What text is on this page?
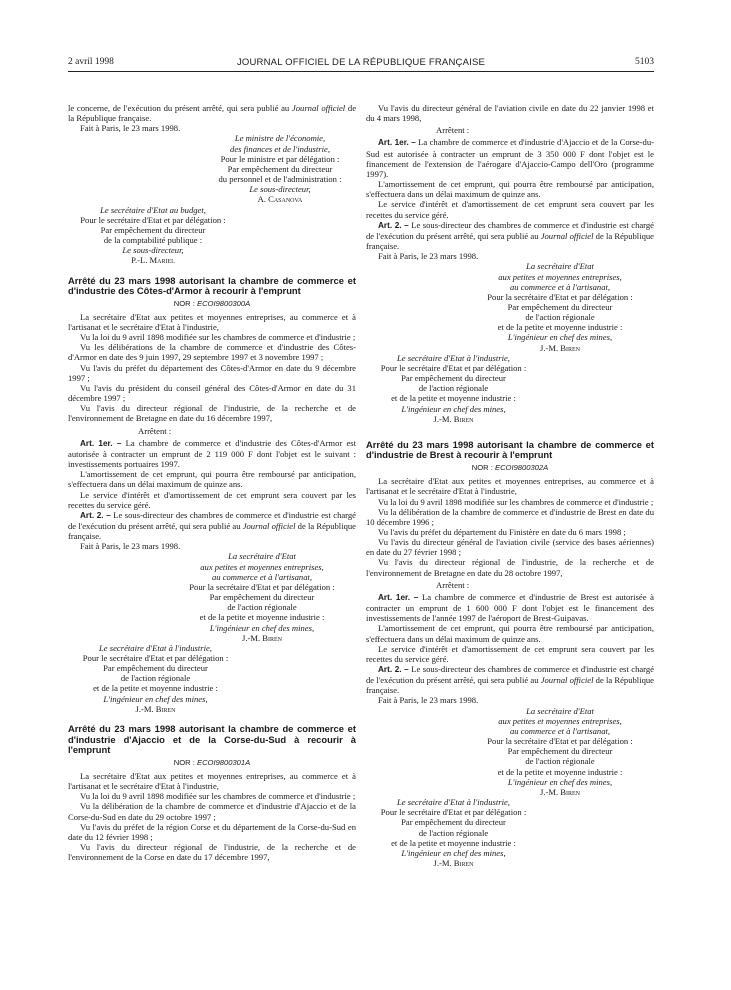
2 avril 1998	JOURNAL OFFICIEL DE LA RÉPUBLIQUE FRANÇAISE	5103

le concerne, de l'exécution du présent arrêté, qui sera publié au Journal officiel de la République française.

Fait à Paris, le 23 mars 1998.

Le ministre de l'économie,
des finances et de l'industrie,
Pour le ministre et par délégation :
Par empêchement du directeur
du personnel et de l'administration :
Le sous-directeur,
A. Casanova
Le secrétaire d'Etat au budget,
Pour le secrétaire d'Etat et par délégation :
Par empêchement du directeur
de la comptabilité publique :
Le sous-directeur,
P.-L. Mariel

Arrêté du 23 mars 1998 autorisant la chambre de commerce et d'industrie des Côtes-d'Armor à recourir à l'emprunt

NOR : ECOI9800300A

La secrétaire d'Etat aux petites et moyennes entreprises, au commerce et à l'artisanat et le secrétaire d'Etat à l'industrie,

Vu la loi du 9 avril 1898 modifiée sur les chambres de commerce et d'industrie ;

Vu les délibérations de la chambre de commerce et d'industrie des Côtes-d'Armor en date des 9 juin 1997, 29 septembre 1997 et 3 novembre 1997 ;

Vu l'avis du préfet du département des Côtes-d'Armor en date du 9 décembre 1997 ;

Vu l'avis du président du conseil général des Côtes-d'Armor en date du 31 décembre 1997 ;

Vu l'avis du directeur régional de l'industrie, de la recherche et de l'environnement de Bretagne en date du 16 décembre 1997,

Arrêtent :

Art. 1er. – La chambre de commerce et d'industrie des Côtes-d'Armor est autorisée à contracter un emprunt de 2 119 000 F dont l'objet est le suivant : investissements portuaires 1997.

L'amortissement de cet emprunt, qui pourra être remboursé par anticipation, s'effectuera dans un délai maximum de quinze ans.

Le service d'intérêt et d'amortissement de cet emprunt sera couvert par les recettes du service géré.

Art. 2. – Le sous-directeur des chambres de commerce et d'industrie est chargé de l'exécution du présent arrêté, qui sera publié au Journal officiel de la République française.

Fait à Paris, le 23 mars 1998.

La secrétaire d'Etat
aux petites et moyennes entreprises,
au commerce et à l'artisanat,
Pour la secrétaire d'Etat et par délégation :
Par empêchement du directeur
de l'action régionale
et de la petite et moyenne industrie :
L'ingénieur en chef des mines,
J.-M. Biren
Le secrétaire d'Etat à l'industrie,
Pour le secrétaire d'Etat et par délégation :
Par empêchement du directeur
de l'action régionale
et de la petite et moyenne industrie :
L'ingénieur en chef des mines,
J.-M. Biren

Arrêté du 23 mars 1998 autorisant la chambre de commerce et d'industrie d'Ajaccio et de la Corse-du-Sud à recourir à l'emprunt

NOR : ECOI9800301A

La secrétaire d'Etat aux petites et moyennes entreprises, au commerce et à l'artisanat et le secrétaire d'Etat à l'industrie,

Vu la loi du 9 avril 1898 modifiée sur les chambres de commerce et d'industrie ;

Vu la délibération de la chambre de commerce et d'industrie d'Ajaccio et de la Corse-du-Sud en date du 29 octobre 1997 ;

Vu l'avis du préfet de la région Corse et du département de la Corse-du-Sud en date du 12 février 1998 ;

Vu l'avis du directeur régional de l'industrie, de la recherche et de l'environnement de la Corse en date du 17 décembre 1997,

Vu l'avis du directeur général de l'aviation civile en date du 22 janvier 1998 et du 4 mars 1998,

Arrêtent :

Art. 1er. – La chambre de commerce et d'industrie d'Ajaccio et de la Corse-du-Sud est autorisée à contracter un emprunt de 3 350 000 F dont l'objet est le financement de l'extension de l'aérogare d'Ajaccio-Campo dell'Oro (programme 1997).

L'amortissement de cet emprunt, qui pourra être remboursé par anticipation, s'effectuera dans un délai maximum de quinze ans.

Le service d'intérêt et d'amortissement de cet emprunt sera couvert par les recettes du service géré.

Art. 2. – Le sous-directeur des chambres de commerce et d'industrie est chargé de l'exécution du présent arrêté, qui sera publié au Journal officiel de la République française.

Fait à Paris, le 23 mars 1998.

La secrétaire d'Etat
aux petites et moyennes entreprises,
au commerce et à l'artisanat,
Pour la secrétaire d'Etat et par délégation :
Par empêchement du directeur
de l'action régionale
et de la petite et moyenne industrie :
L'ingénieur en chef des mines,
J.-M. Biren
Le secrétaire d'Etat à l'industrie,
Pour le secrétaire d'Etat et par délégation :
Par empêchement du directeur
de l'action régionale
et de la petite et moyenne industrie :
L'ingénieur en chef des mines,
J.-M. Biren

Arrêté du 23 mars 1998 autorisant la chambre de commerce et d'industrie de Brest à recourir à l'emprunt

NOR : ECOI9800302A

La secrétaire d'Etat aux petites et moyennes entreprises, au commerce et à l'artisanat et le secrétaire d'Etat à l'industrie,

Vu la loi du 9 avril 1898 modifiée sur les chambres de commerce et d'industrie ;

Vu la délibération de la chambre de commerce et d'industrie de Brest en date du 10 décembre 1996 ;

Vu l'avis du préfet du département du Finistère en date du 6 mars 1998 ;

Vu l'avis du directeur général de l'aviation civile (service des bases aériennes) en date du 27 février 1998 ;

Vu l'avis du directeur régional de l'industrie, de la recherche et de l'environnement de Bretagne en date du 28 octobre 1997,

Arrêtent :

Art. 1er. – La chambre de commerce et d'industrie de Brest est autorisée à contracter un emprunt de 1 600 000 F dont l'objet est le financement des investissements de l'année 1997 de l'aéroport de Brest-Guipavas.

L'amortissement de cet emprunt, qui pourra être remboursé par anticipation, s'effectuera dans un délai maximum de quinze ans.

Le service d'intérêt et d'amortissement de cet emprunt sera couvert par les recettes du service géré.

Art. 2. – Le sous-directeur des chambres de commerce et d'industrie est chargé de l'exécution du présent arrêté, qui sera publié au Journal officiel de la République française.

Fait à Paris, le 23 mars 1998.

La secrétaire d'Etat
aux petites et moyennes entreprises,
au commerce et à l'artisanat,
Pour la secrétaire d'Etat et par délégation :
Par empêchement du directeur
de l'action régionale
et de la petite et moyenne industrie :
L'ingénieur en chef des mines,
J.-M. Biren
Le secrétaire d'Etat à l'industrie,
Pour le secrétaire d'Etat et par délégation :
Par empêchement du directeur
de l'action régionale
et de la petite et moyenne industrie :
L'ingénieur en chef des mines,
J.-M. Biren
